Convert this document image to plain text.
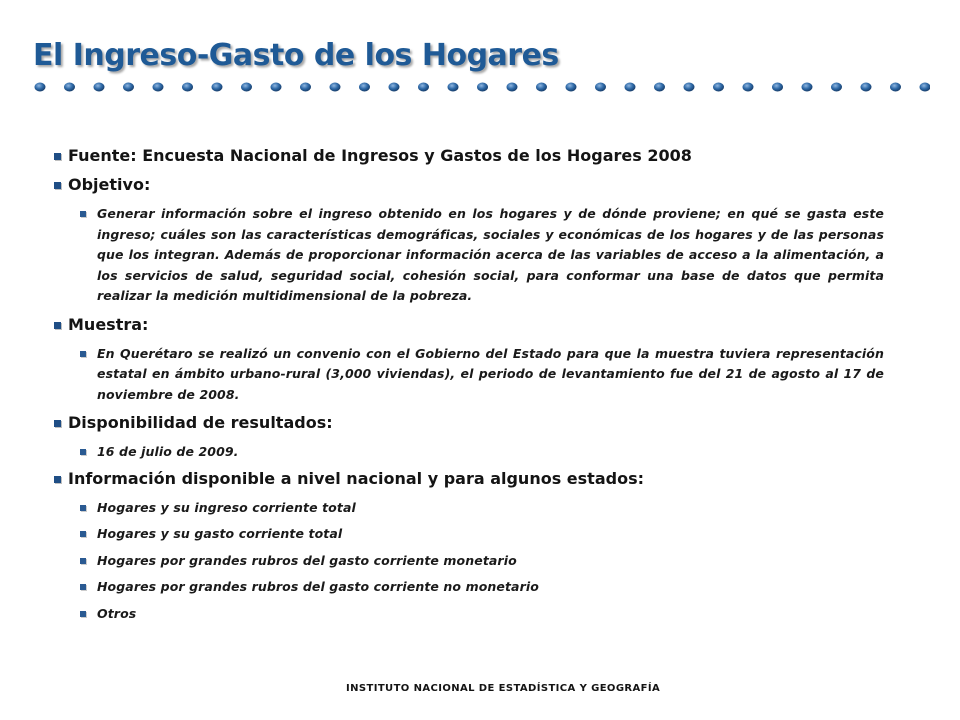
El Ingreso-Gasto de los Hogares
Fuente: Encuesta Nacional de Ingresos y Gastos de los Hogares 2008
Objetivo:
Generar información sobre el ingreso obtenido en los hogares y de dónde proviene; en qué se gasta este ingreso; cuáles son las características demográficas, sociales y económicas de los hogares y de las personas que los integran. Además de proporcionar información acerca de las variables de acceso a la alimentación, a los servicios de salud, seguridad social, cohesión social, para conformar una base de datos que permita realizar la medición multidimensional de la pobreza.
Muestra:
En Querétaro se realizó un convenio con el Gobierno del Estado para que la muestra tuviera representación estatal en ámbito urbano-rural (3,000 viviendas), el periodo de levantamiento fue del 21 de agosto al 17 de noviembre de 2008.
Disponibilidad de resultados:
16 de julio de 2009.
Información disponible a nivel nacional y para algunos estados:
Hogares y su ingreso corriente total
Hogares y su gasto corriente total
Hogares por grandes rubros del gasto corriente monetario
Hogares por grandes rubros del gasto corriente no monetario
Otros
INSTITUTO NACIONAL DE ESTADÍSTICA Y GEOGRAFÍA
